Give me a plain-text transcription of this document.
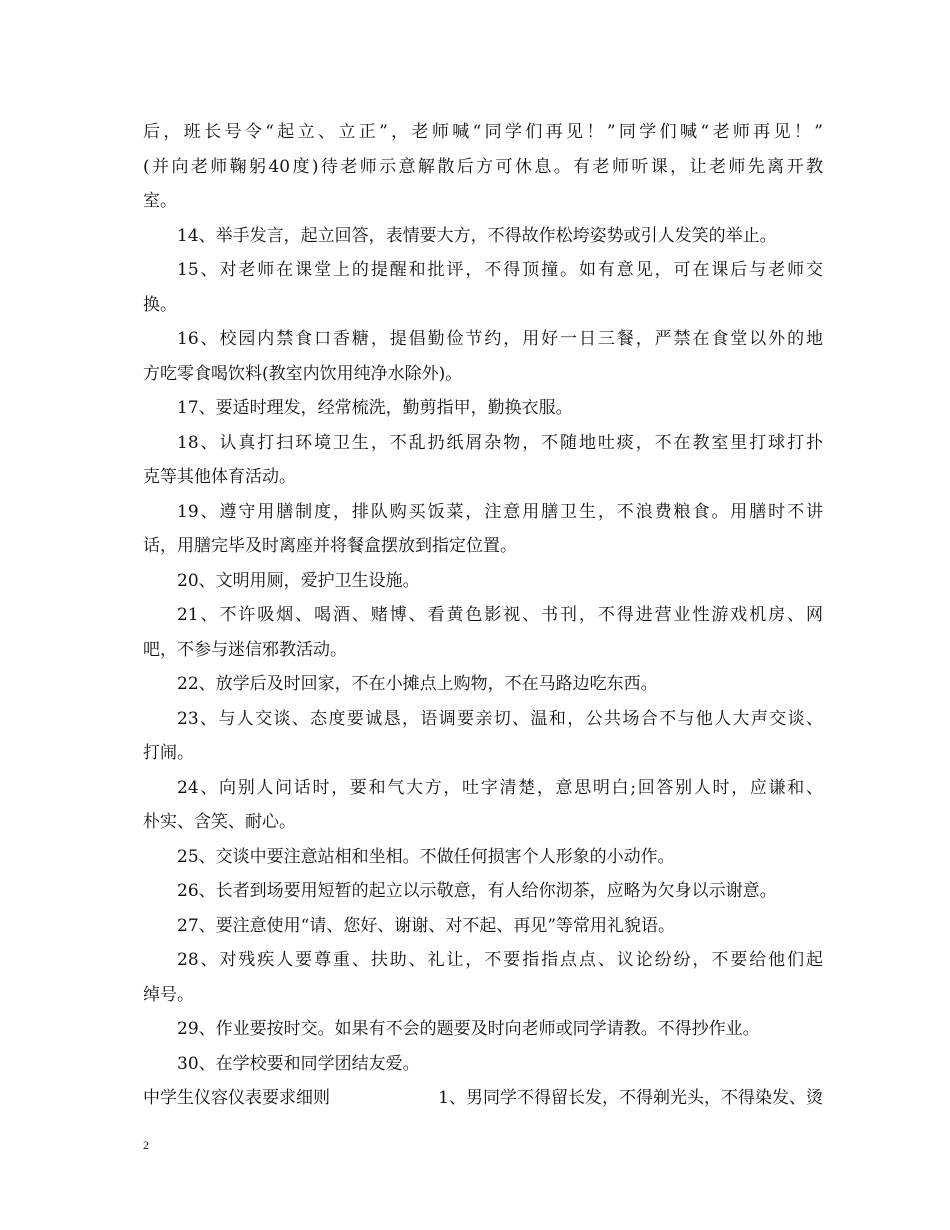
后，班长号令“起立、立正”，老师喊“同学们再见！”同学们喊“老师再见！”
(并向老师鞠躬40度)待老师示意解散后方可休息。有老师听课，让老师先离开教
室。
14、举手发言，起立回答，表情要大方，不得故作松垮姿势或引人发笑的举止。
15、对老师在课堂上的提醒和批评，不得顶撞。如有意见，可在课后与老师交
换。
16、校园内禁食口香糖，提倡勤俭节约，用好一日三餐，严禁在食堂以外的地
方吃零食喝饮料(教室内饮用纯净水除外)。
17、要适时理发，经常梳洗，勤剪指甲，勤换衣服。
18、认真打扫环境卫生，不乱扔纸屑杂物，不随地吐痰，不在教室里打球打扑
克等其他体育活动。
19、遵守用膳制度，排队购买饭菜，注意用膳卫生，不浪费粮食。用膳时不讲
话，用膳完毕及时离座并将餐盒摆放到指定位置。
20、文明用厕，爱护卫生设施。
21、不许吸烟、喝酒、赌博、看黄色影视、书刊，不得进营业性游戏机房、网
吧，不参与迷信邪教活动。
22、放学后及时回家，不在小摊点上购物，不在马路边吃东西。
23、与人交谈、态度要诚恳，语调要亲切、温和，公共场合不与他人大声交谈、
打闹。
24、向别人问话时，要和气大方，吐字清楚，意思明白;回答别人时，应谦和、
朴实、含笑、耐心。
25、交谈中要注意站相和坐相。不做任何损害个人形象的小动作。
26、长者到场要用短暂的起立以示敬意，有人给你沏茶，应略为欠身以示谢意。
27、要注意使用“请、您好、谢谢、对不起、再见”等常用礼貌语。
28、对残疾人要尊重、扶助、礼让，不要指指点点、议论纷纷，不要给他们起
绰号。
29、作业要按时交。如果有不会的题要及时向老师或同学请教。不得抄作业。
30、在学校要和同学团结友爱。
中学生仪容仪表要求细则	1、男同学不得留长发，不得剃光头，不得染发、烫
2
